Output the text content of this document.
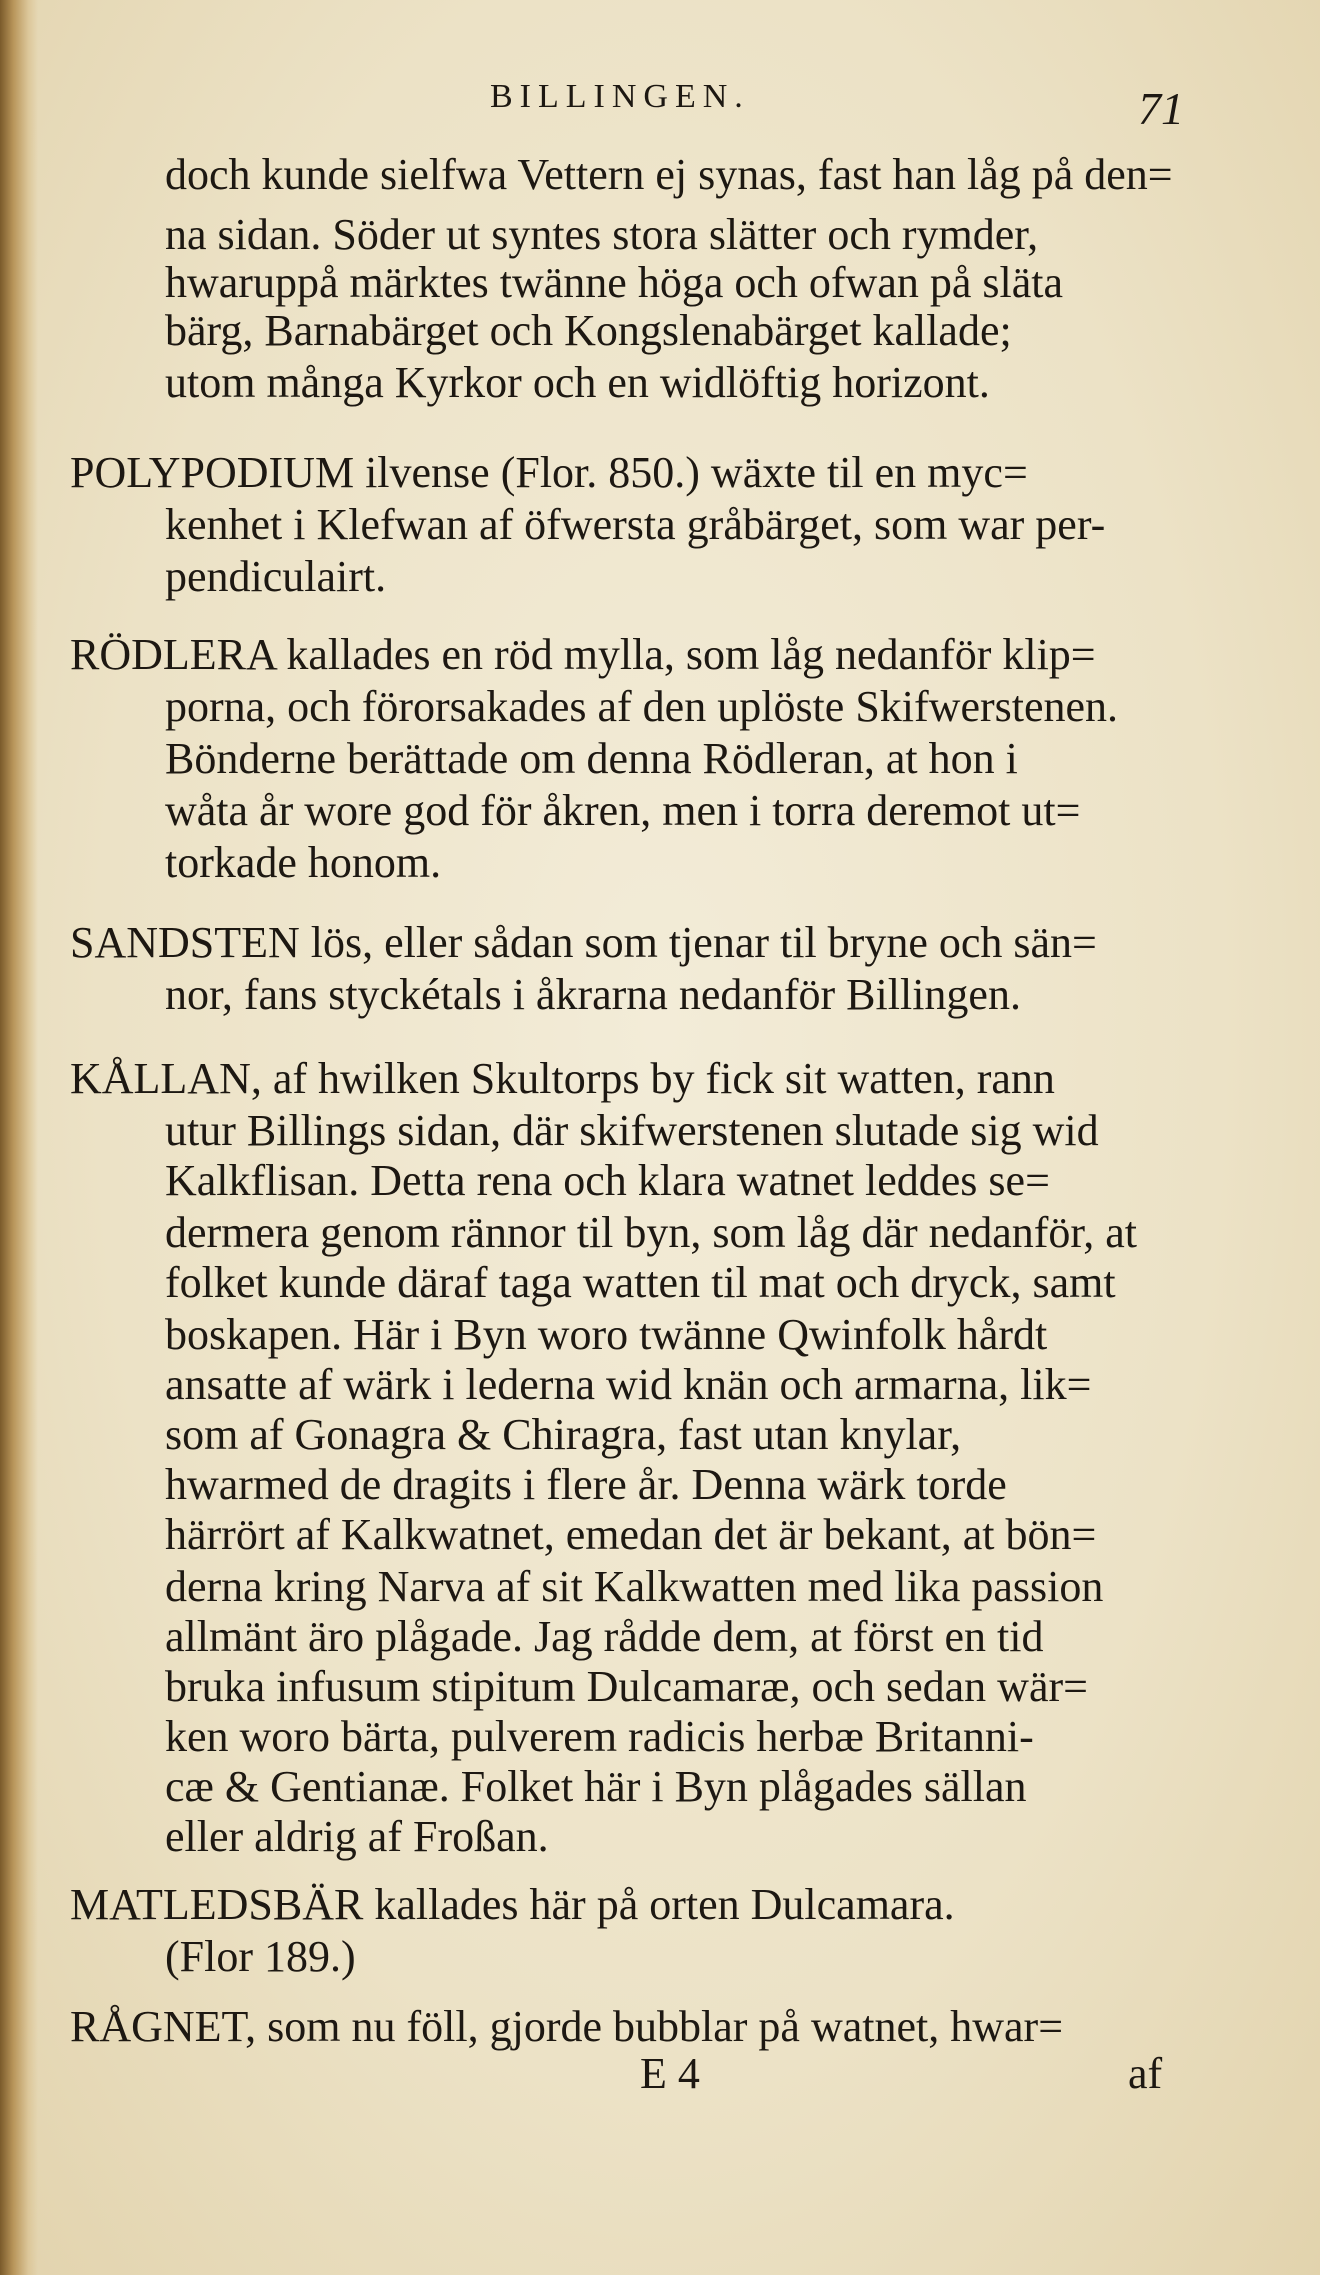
BILLINGEN.	71
doch kunde sielfwa Vettern ej synas, fast han låg på den=
na sidan. Söder ut syntes stora slätter och rymder,
hwaruppå märktes twänne höga och ofwan på släta
bärg, Barnabärget och Kongslenabärget kallade;
utom många Kyrkor och en widlöftig horizont.
POLYPODIUM ilvense (Flor. 850.) wäxte til en myc=
kenhet i Klefwan af öfwersta gråbärget, som war per-
pendiculairt.
RÖDLERA kallades en röd mylla, som låg nedanför klip=
porna, och förorsakades af den uplöste Skifwerstenen.
Bönderne berättade om denna Rödleran, at hon i
wåta år wore god för åkren, men i torra deremot ut=
torkade honom.
SANDSTEN lös, eller sådan som tjenar til bryne och sän=
nor, fans styckétals i åkrarna nedanför Billingen.
KÅLLAN, af hwilken Skultorps by fick sit watten, rann
utur Billings sidan, där skifwerstenen slutade sig wid
Kalkflisan. Detta rena och klara watnet leddes se=
dermera genom rännor til byn, som låg där nedanför, at
folket kunde däraf taga watten til mat och dryck, samt
boskapen. Här i Byn woro twänne Qwinfolk hårdt
ansatte af wärk i lederna wid knän och armarna, lik=
som af Gonagra & Chiragra, fast utan knylar,
hwarmed de dragits i flere år. Denna wärk torde
härrört af Kalkwatnet, emedan det är bekant, at bön=
derna kring Narva af sit Kalkwatten med lika passion
allmänt äro plågade. Jag rådde dem, at först en tid
bruka infusum stipitum Dulcamaræ, och sedan wär=
ken woro bärta, pulverem radicis herbæ Britanni-
cæ & Gentianæ. Folket här i Byn plågades sällan
eller aldrig af Froßan.
MATLEDSBÄR kallades här på orten Dulcamara.
(Flor 189.)
RÅGNET, som nu föll, gjorde bubblar på watnet, hwar=
E 4	af
